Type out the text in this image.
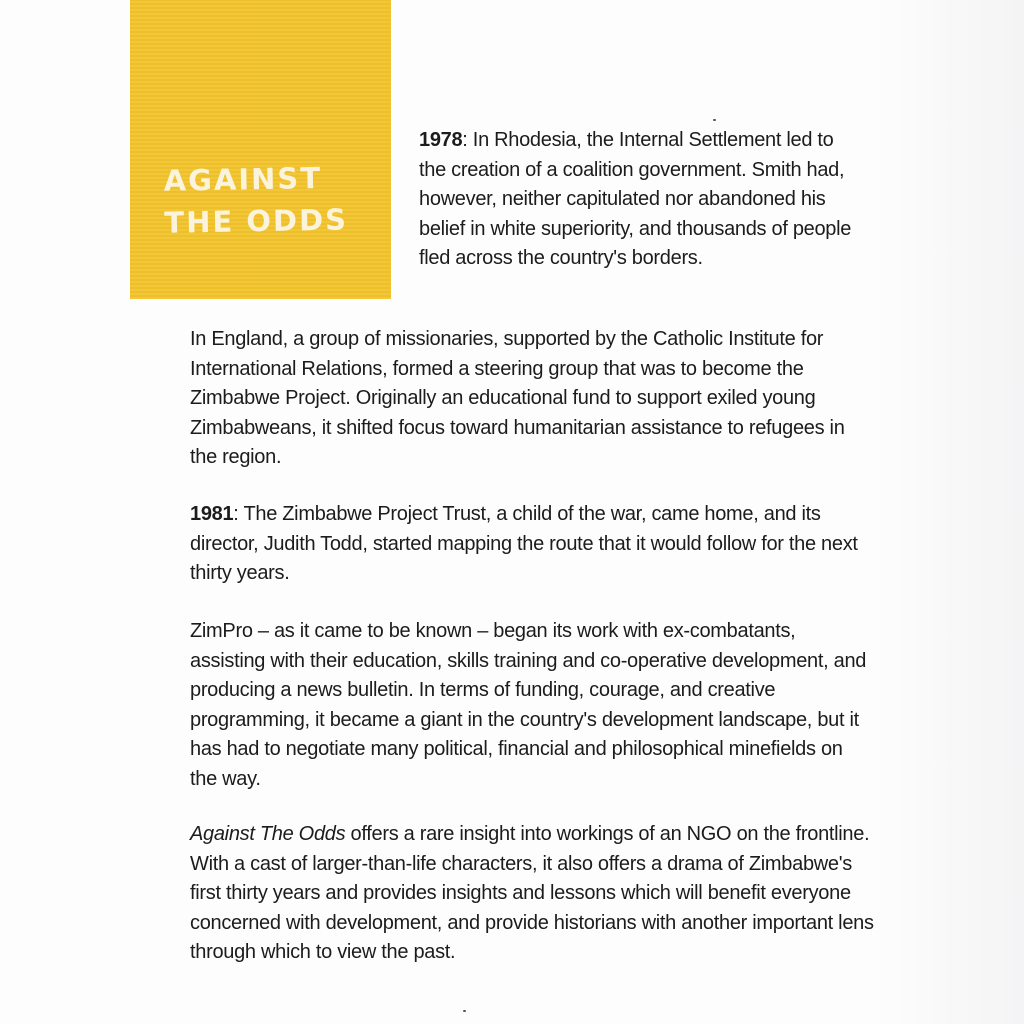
AGAINST
THE ODDS

1978: In Rhodesia, the Internal Settlement led to the creation of a coalition government. Smith had, however, neither capitulated nor abandoned his belief in white superiority, and thousands of people fled across the country's borders.

In England, a group of missionaries, supported by the Catholic Institute for International Relations, formed a steering group that was to become the Zimbabwe Project. Originally an educational fund to support exiled young Zimbabweans, it shifted focus toward humanitarian assistance to refugees in the region.

1981: The Zimbabwe Project Trust, a child of the war, came home, and its director, Judith Todd, started mapping the route that it would follow for the next thirty years.

ZimPro – as it came to be known – began its work with ex-combatants, assisting with their education, skills training and co-operative development, and producing a news bulletin. In terms of funding, courage, and creative programming, it became a giant in the country's development landscape, but it has had to negotiate many political, financial and philosophical minefields on the way.

Against The Odds offers a rare insight into workings of an NGO on the frontline. With a cast of larger-than-life characters, it also offers a drama of Zimbabwe's first thirty years and provides insights and lessons which will benefit everyone concerned with development, and provide historians with another important lens through which to view the past.
